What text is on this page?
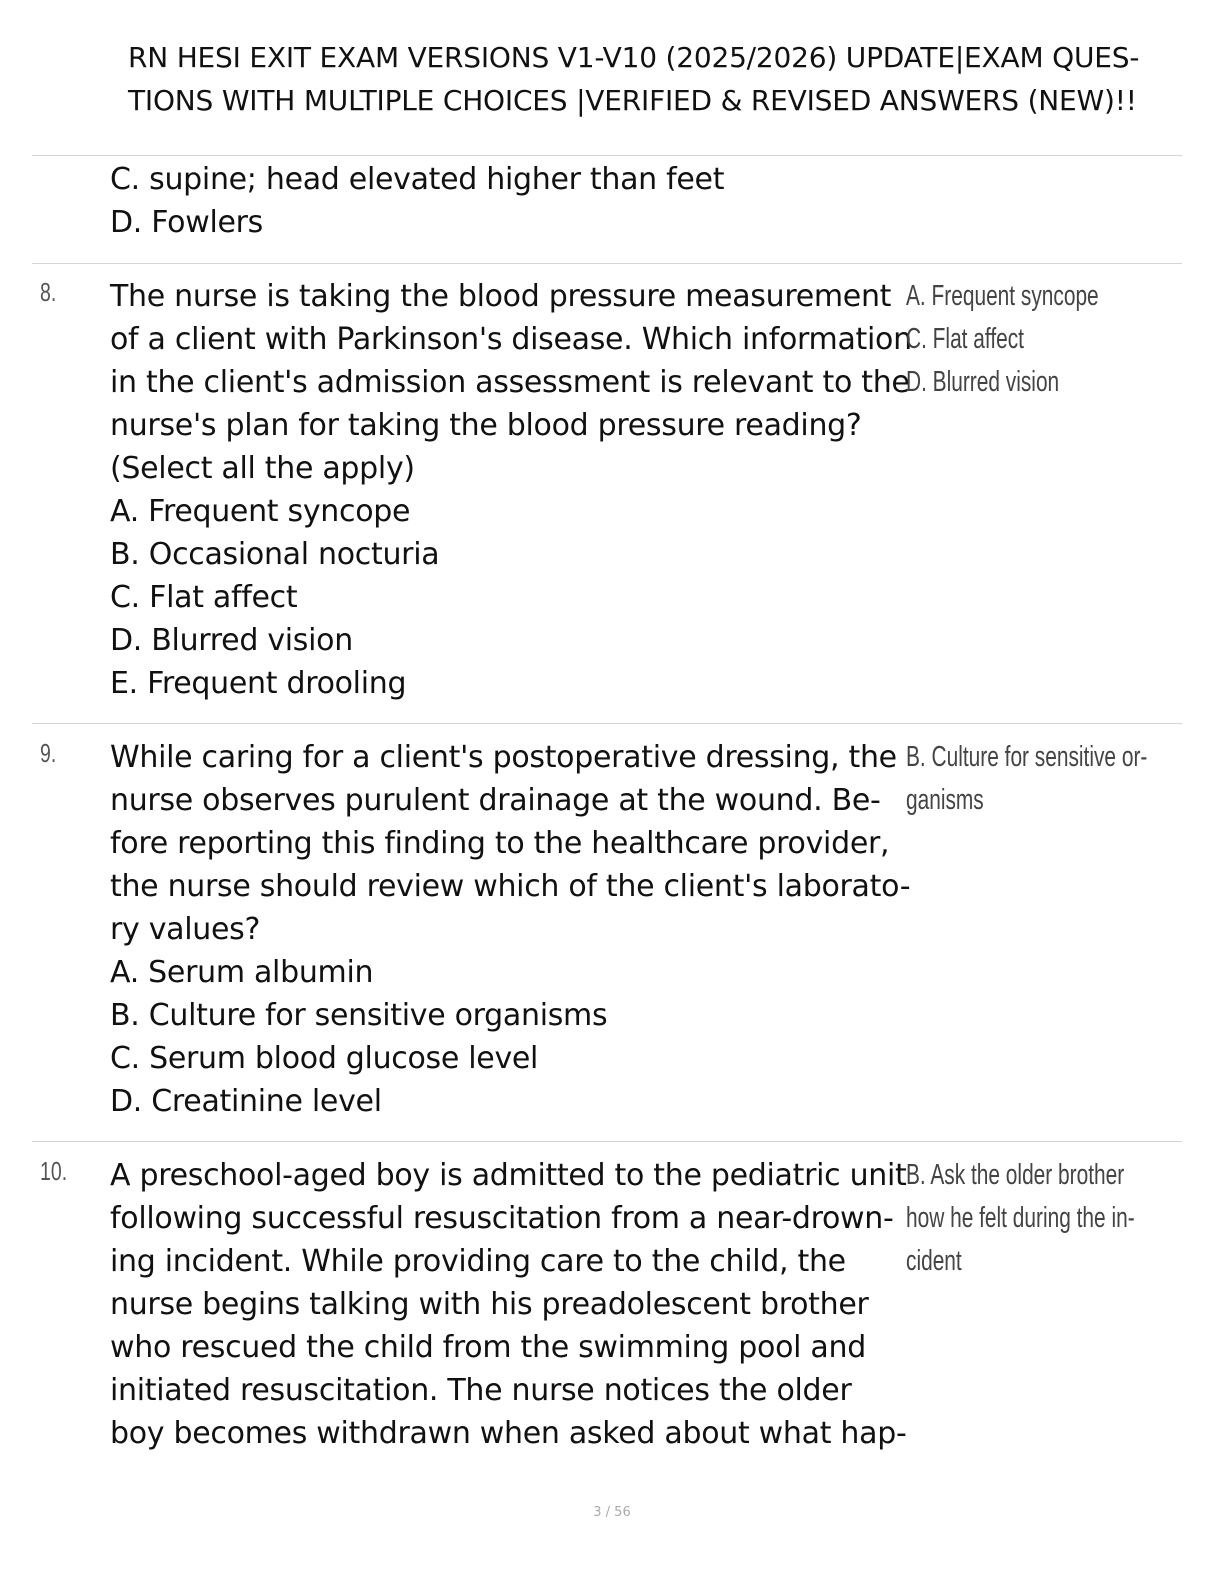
RN HESI EXIT EXAM VERSIONS V1-V10 (2025/2026) UPDATE|EXAM QUES-
TIONS WITH MULTIPLE CHOICES |VERIFIED & REVISED ANSWERS (NEW)!!
C. supine; head elevated higher than feet
D. Fowlers
8. The nurse is taking the blood pressure measurement
of a client with Parkinson's disease. Which information
in the client's admission assessment is relevant to the
nurse's plan for taking the blood pressure reading?
(Select all the apply)
A. Frequent syncope
B. Occasional nocturia
C. Flat affect
D. Blurred vision
E. Frequent drooling
A. Frequent syncope
C. Flat affect
D. Blurred vision
9. While caring for a client's postoperative dressing, the
nurse observes purulent drainage at the wound. Be-
fore reporting this finding to the healthcare provider,
the nurse should review which of the client's laborato-
ry values?
A. Serum albumin
B. Culture for sensitive organisms
C. Serum blood glucose level
D. Creatinine level
B. Culture for sensitive or-
ganisms
10. A preschool-aged boy is admitted to the pediatric unit
following successful resuscitation from a near-drown-
ing incident. While providing care to the child, the
nurse begins talking with his preadolescent brother
who rescued the child from the swimming pool and
initiated resuscitation. The nurse notices the older
boy becomes withdrawn when asked about what hap-
B. Ask the older brother
how he felt during the in-
cident
3 / 56
